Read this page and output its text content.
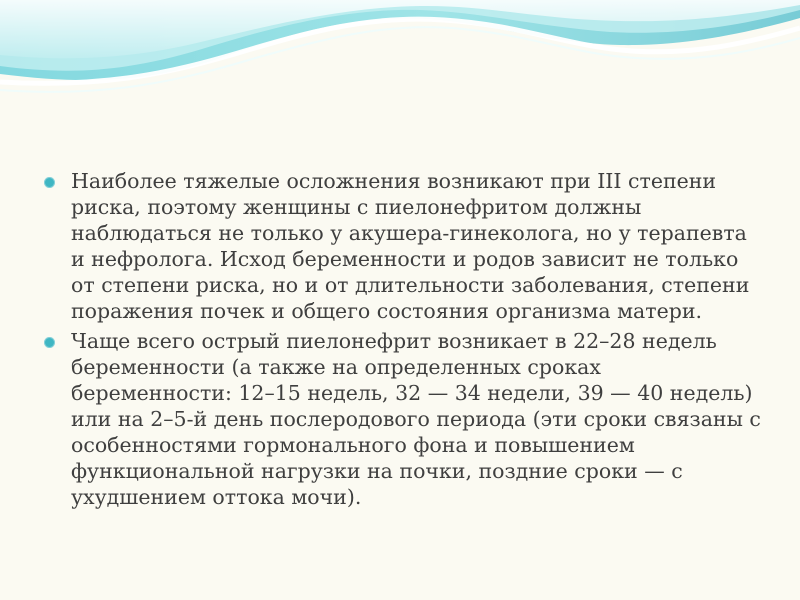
Наиболее тяжелые осложнения возникают при III степени риска, поэтому женщины с пиелонефритом должны наблюдаться не только у акушера-гинеколога, но у терапевта и нефролога. Исход беременности и родов зависит не только от степени риска, но и от длительности заболевания, степени поражения почек и общего состояния организма матери.
Чаще всего острый пиелонефрит возникает в 22–28 недель беременности (а также на определенных сроках беременности: 12–15 недель, 32 — 34 недели, 39 — 40 недель) или на 2–5-й день послеродового периода (эти сроки связаны с особенностями гормонального фона и повышением функциональной нагрузки на почки, поздние сроки — с ухудшением оттока мочи).
